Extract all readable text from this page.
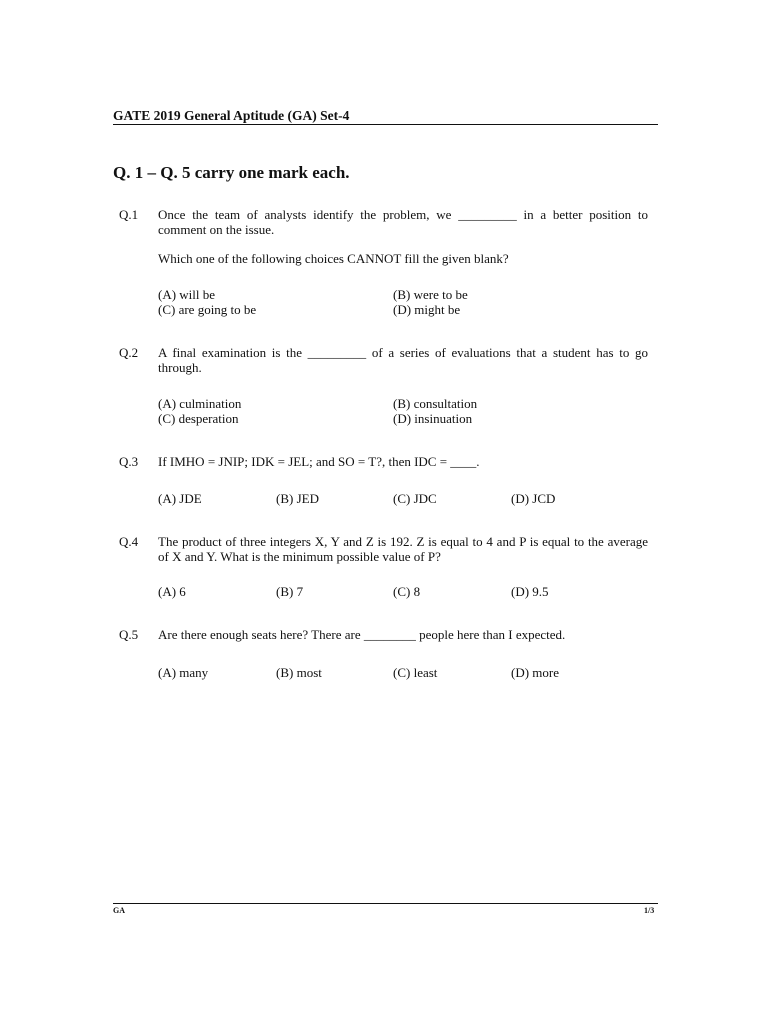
GATE 2019 General Aptitude (GA) Set-4
Q. 1 – Q. 5 carry one mark each.
Q.1 Once the team of analysts identify the problem, we _________ in a better position to comment on the issue.
Which one of the following choices CANNOT fill the given blank?
(A) will be	(B) were to be
(C) are going to be	(D) might be
Q.2 A final examination is the _________ of a series of evaluations that a student has to go through.
(A) culmination	(B) consultation
(C) desperation	(D) insinuation
Q.3 If IMHO = JNIP; IDK = JEL; and SO = T?, then IDC = ____.
(A) JDE	(B) JED	(C) JDC	(D) JCD
Q.4 The product of three integers X, Y and Z is 192. Z is equal to 4 and P is equal to the average of X and Y. What is the minimum possible value of P?
(A) 6	(B) 7	(C) 8	(D) 9.5
Q.5 Are there enough seats here? There are ________ people here than I expected.
(A) many	(B) most	(C) least	(D) more
GA	1/3
